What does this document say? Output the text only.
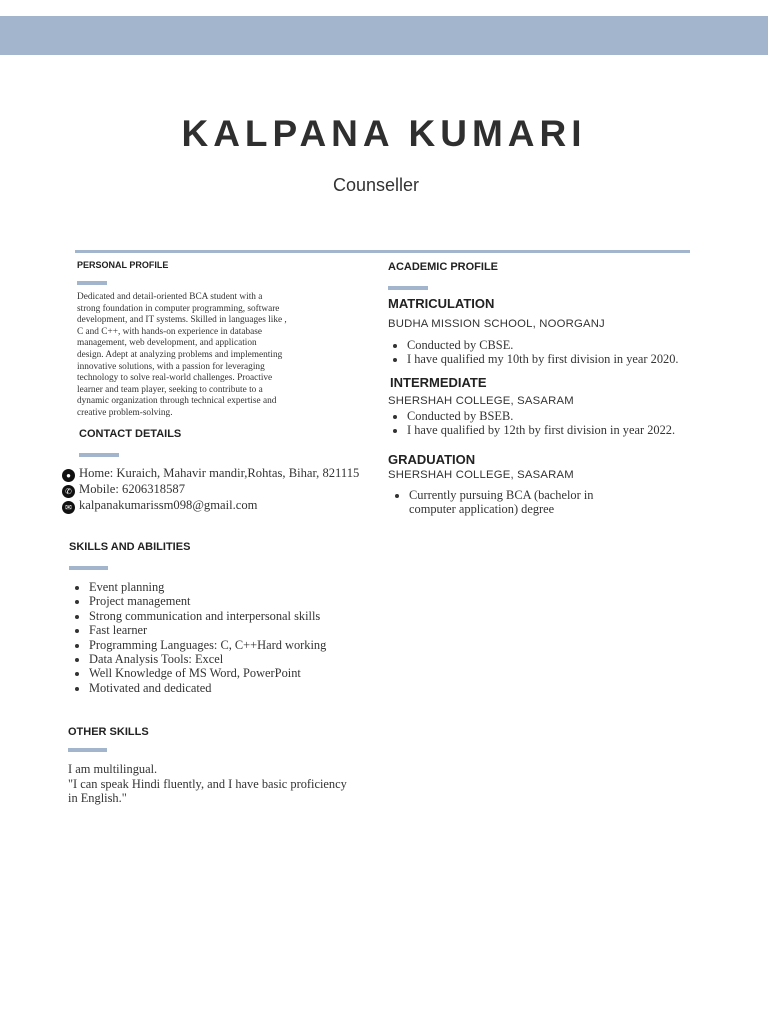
KALPANA KUMARI
Counseller
PERSONAL PROFILE
Dedicated and detail-oriented BCA student with a
strong foundation in computer programming, software
development, and IT systems. Skilled in languages like ,
C and C++, with hands-on experience in database
management, web development, and application
design. Adept at analyzing problems and implementing
innovative solutions, with a passion for leveraging
technology to solve real-world challenges. Proactive
learner and team player, seeking to contribute to a
dynamic organization through technical expertise and
creative problem-solving.
CONTACT DETAILS
● Home: Kuraich, Mahavir mandir,Rohtas, Bihar, 821115
✆ Mobile: 6206318587
✉ kalpanakumarissm098@gmail.com
SKILLS AND ABILITIES
• Event planning
• Project management
• Strong communication and interpersonal skills
• Fast learner
• Programming Languages: C, C++Hard working
• Data Analysis Tools: Excel
• Well Knowledge of MS Word, PowerPoint
• Motivated and dedicated
OTHER SKILLS
I am multilingual.
"I can speak Hindi fluently, and I have basic proficiency
in English."
ACADEMIC PROFILE
MATRICULATION
BUDHA MISSION SCHOOL, NOORGANJ
• Conducted by CBSE.
• I have qualified my 10th by first division in year 2020.
INTERMEDIATE
SHERSHAH COLLEGE, SASARAM
• Conducted by BSEB.
• I have qualified by 12th by first division in year 2022.
GRADUATION
SHERSHAH COLLEGE, SASARAM
• Currently pursuing BCA (bachelor in
computer application) degree
